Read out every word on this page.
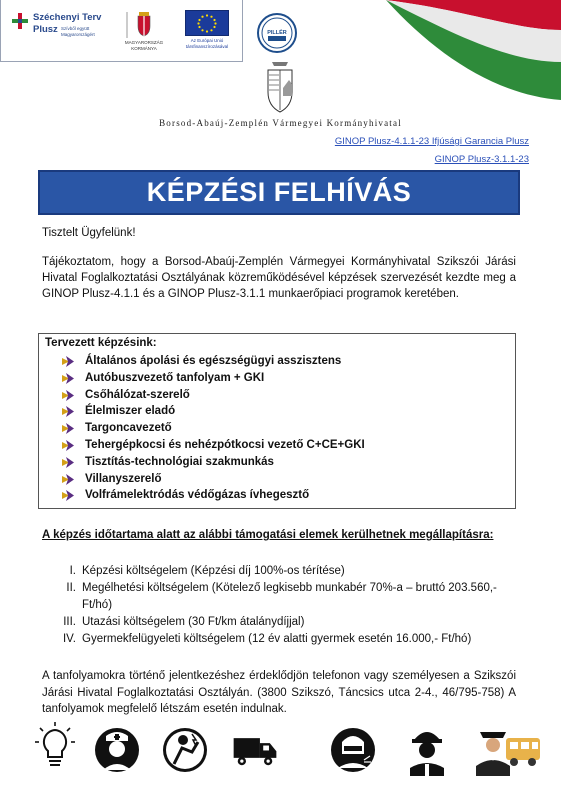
Széchenyi Terv
Plusz Szívből együtt Magyarországért
MAGYARORSZÁG KORMÁNYA
Az Európai Unió társfinanszírozásával
PILLÉR
Borsod-Abaúj-Zemplén Vármegyei Kormányhivatal
GINOP Plusz-4.1.1-23 Ifjúsági Garancia Plusz
GINOP Plusz-3.1.1-23
KÉPZÉSI FELHÍVÁS
Tisztelt Ügyfelünk!
Tájékoztatom, hogy a Borsod-Abaúj-Zemplén Vármegyei Kormányhivatal Szikszói Járási Hivatal Foglalkoztatási Osztályának közreműködésével képzések szervezését kezdte meg a GINOP Plusz-4.1.1 és a GINOP Plusz-3.1.1 munkaerőpiaci programok keretében.
Tervezett képzésink:
Általános ápolási és egészségügyi asszisztens
Autóbuszvezető tanfolyam + GKI
Csőhálózat-szerelő
Élelmiszer eladó
Targoncavezető
Tehergépkocsi és nehézpótkocsi vezető C+CE+GKI
Tisztítás-technológiai szakmunkás
Villanyszerelő
Volfrámelektródás védőgázas ívhegesztő
A képzés időtartama alatt az alábbi támogatási elemek kerülhetnek megállapításra:
I. Képzési költségelem (Képzési díj 100%-os térítése)
II. Megélhetési költségelem (Kötelező legkisebb munkabér 70%-a – bruttó 203.560,- Ft/hó)
III. Utazási költségelem (30 Ft/km átalánydíjjal)
IV. Gyermekfelügyeleti költségelem (12 év alatti gyermek esetén 16.000,- Ft/hó)
A tanfolyamokra történő jelentkezéshez érdeklődjön telefonon vagy személyesen a Szikszói Járási Hivatal Foglalkoztatási Osztályán. (3800 Szikszó, Táncsics utca 2-4., 46/795-758) A tanfolyamok megfelelő létszám esetén indulnak.
